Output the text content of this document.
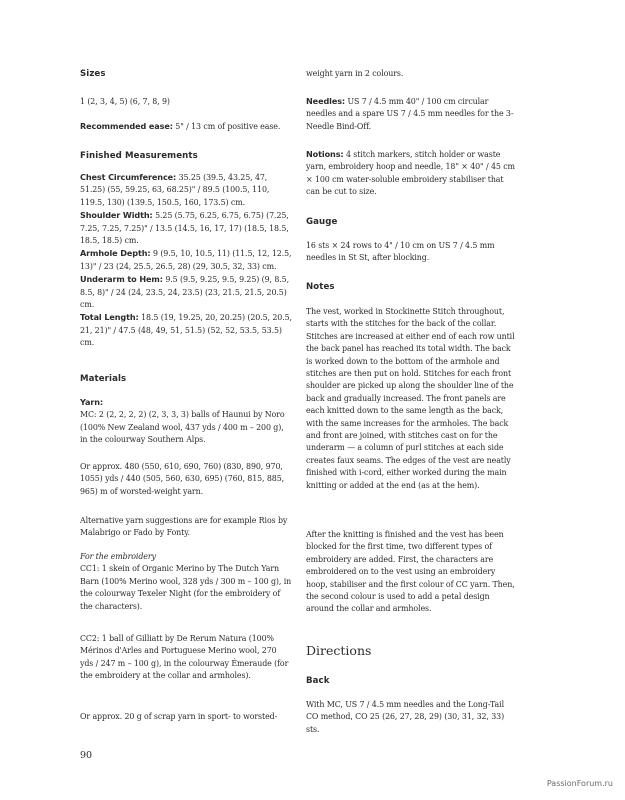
Sizes

1 (2, 3, 4, 5) (6, 7, 8, 9)

Recommended ease: 5" / 13 cm of positive ease.

Finished Measurements

Chest Circumference: 35.25 (39.5, 43.25, 47, 51.25) (55, 59.25, 63, 68.25)" / 89.5 (100.5, 110, 119.5, 130) (139.5, 150.5, 160, 173.5) cm.

Shoulder Width: 5.25 (5.75, 6.25, 6.75, 6.75) (7.25, 7.25, 7.25, 7.25)" / 13.5 (14.5, 16, 17, 17) (18.5, 18.5, 18.5, 18.5) cm.

Armhole Depth: 9 (9.5, 10, 10.5, 11) (11.5, 12, 12.5, 13)" / 23 (24, 25.5, 26.5, 28) (29, 30.5, 32, 33) cm.

Underarm to Hem: 9.5 (9.5, 9.25, 9.5, 9.25) (9, 8.5, 8.5, 8)" / 24 (24, 23.5, 24, 23.5) (23, 21.5, 21.5, 20.5) cm.

Total Length: 18.5 (19, 19.25, 20, 20.25) (20.5, 20.5, 21, 21)" / 47.5 (48, 49, 51, 51.5) (52, 52, 53.5, 53.5) cm.

Materials

Yarn:

MC: 2 (2, 2, 2, 2) (2, 3, 3, 3) balls of Haunui by Noro (100% New Zealand wool, 437 yds / 400 m – 200 g), in the colourway Southern Alps.

Or approx. 480 (550, 610, 690, 760) (830, 890, 970, 1055) yds / 440 (505, 560, 630, 695) (760, 815, 885, 965) m of worsted-weight yarn.

Alternative yarn suggestions are for example Rios by Malabrigo or Fado by Fonty.

For the embroidery

CC1: 1 skein of Organic Merino by The Dutch Yarn Barn (100% Merino wool, 328 yds / 300 m – 100 g), in the colourway Texeler Night (for the embroidery of the characters).

CC2: 1 ball of Gilliatt by De Rerum Natura (100% Mérinos d'Arles and Portuguese Merino wool, 270 yds / 247 m – 100 g), in the colourway Émeraude (for the embroidery at the collar and armholes).

Or approx. 20 g of scrap yarn in sport- to worsted-

weight yarn in 2 colours.

Needles: US 7 / 4.5 mm 40" / 100 cm circular needles and a spare US 7 / 4.5 mm needles for the 3-Needle Bind-Off.

Notions: 4 stitch markers, stitch holder or waste yarn, embroidery hoop and needle, 18" × 40" / 45 cm × 100 cm water-soluble embroidery stabiliser that can be cut to size.

Gauge

16 sts × 24 rows to 4" / 10 cm on US 7 / 4.5 mm needles in St St, after blocking.

Notes

The vest, worked in Stockinette Stitch throughout, starts with the stitches for the back of the collar. Stitches are increased at either end of each row until the back panel has reached its total width. The back is worked down to the bottom of the armhole and stitches are then put on hold. Stitches for each front shoulder are picked up along the shoulder line of the back and gradually increased. The front panels are each knitted down to the same length as the back, with the same increases for the armholes. The back and front are joined, with stitches cast on for the underarm — a column of purl stitches at each side creates faux seams. The edges of the vest are neatly finished with i-cord, either worked during the main knitting or added at the end (as at the hem).

After the knitting is finished and the vest has been blocked for the first time, two different types of embroidery are added. First, the characters are embroidered on to the vest using an embroidery hoop, stabiliser and the first colour of CC yarn. Then, the second colour is used to add a petal design around the collar and armholes.

Directions

Back

With MC, US 7 / 4.5 mm needles and the Long-Tail CO method, CO 25 (26, 27, 28, 29) (30, 31, 32, 33) sts.

90
PassionForum.ru
